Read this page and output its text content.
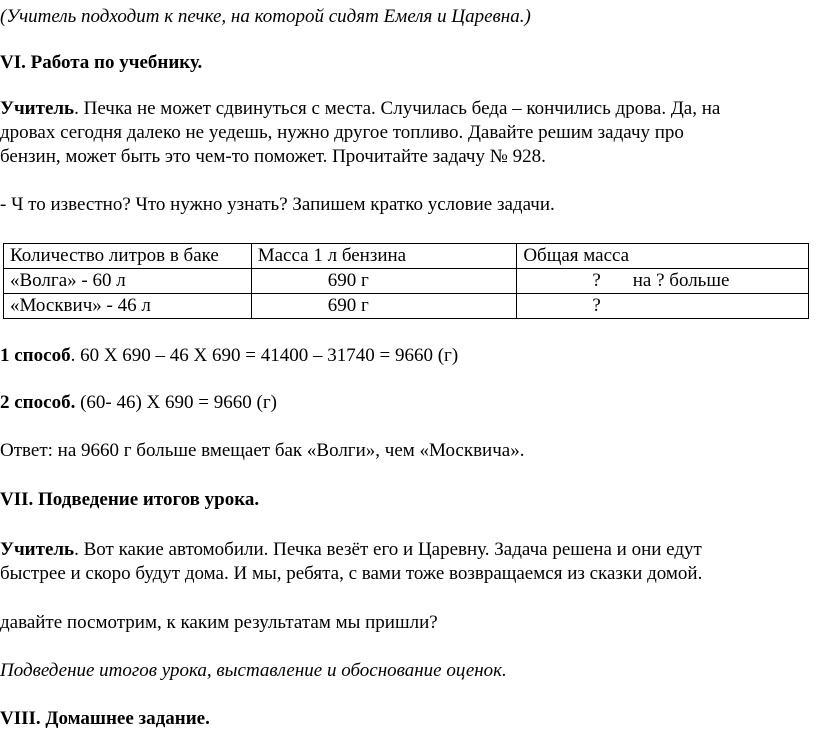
(Учитель подходит к печке, на которой сидят Емеля и Царевна.)
VI. Работа по учебнику.
Учитель. Печка не может сдвинуться с места. Случилась беда – кончились дрова. Да, на
дровах сегодня далеко не уедешь, нужно другое топливо. Давайте решим задачу про
бензин, может быть это чем-то поможет. Прочитайте задачу № 928.
- Ч то известно? Что нужно узнать? Запишем кратко условие задачи.
Количество литров в баке	Масса 1 л бензина	Общая масса
«Волга» - 60 л	690 г	? на ? больше
«Москвич» - 46 л	690 г	?
1 способ. 60 Х 690 – 46 Х 690 = 41400 – 31740 = 9660 (г)
2 способ. (60- 46) Х 690 = 9660 (г)
Ответ: на 9660 г больше вмещает бак «Волги», чем «Москвича».
VII. Подведение итогов урока.
Учитель. Вот какие автомобили. Печка везёт его и Царевну. Задача решена и они едут
быстрее и скоро будут дома. И мы, ребята, с вами тоже возвращаемся из сказки домой.
давайте посмотрим, к каким результатам мы пришли?
Подведение итогов урока, выставление и обоснование оценок.
VIII. Домашнее задание.
